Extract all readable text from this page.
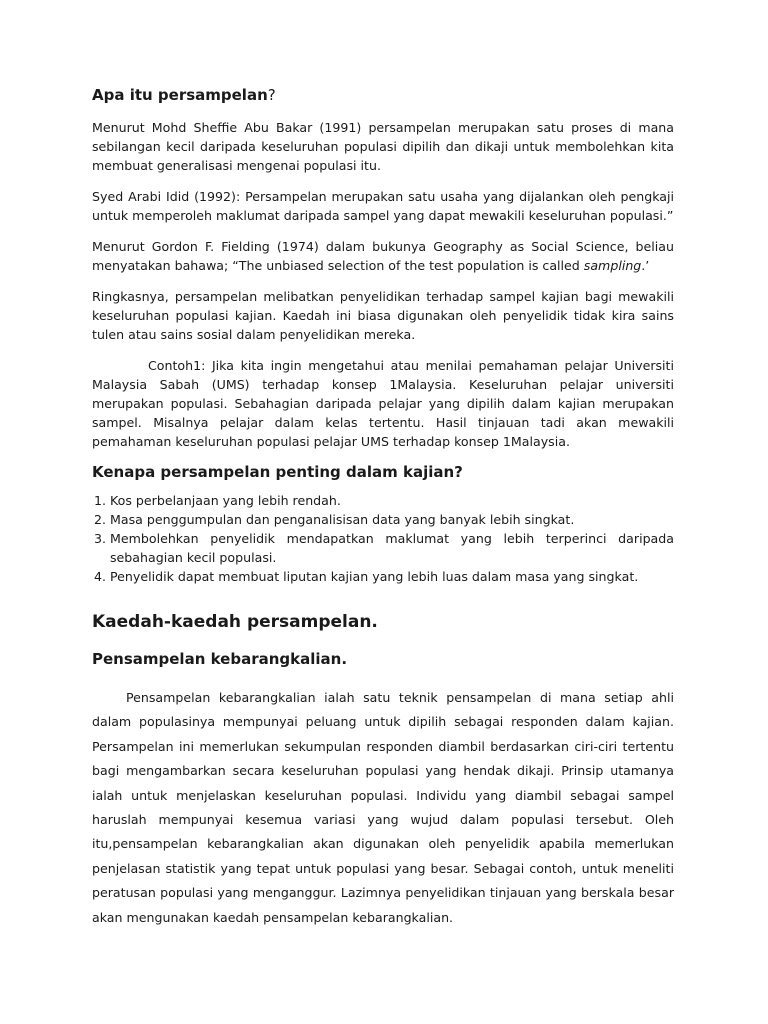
Apa itu persampelan?

Menurut Mohd Sheffie Abu Bakar (1991) persampelan merupakan satu proses di mana sebilangan kecil daripada keseluruhan populasi dipilih dan dikaji untuk membolehkan kita membuat generalisasi mengenai populasi itu.

Syed Arabi Idid (1992): Persampelan merupakan satu usaha yang dijalankan oleh pengkaji untuk memperoleh maklumat daripada sampel yang dapat mewakili keseluruhan populasi.”

Menurut Gordon F. Fielding (1974) dalam bukunya Geography as Social Science, beliau menyatakan bahawa; “The unbiased selection of the test population is called sampling.’

Ringkasnya, persampelan melibatkan penyelidikan terhadap sampel kajian bagi mewakili keseluruhan populasi kajian. Kaedah ini biasa digunakan oleh penyelidik tidak kira sains tulen atau sains sosial dalam penyelidikan mereka.

Contoh1: Jika kita ingin mengetahui atau menilai pemahaman pelajar Universiti Malaysia Sabah (UMS) terhadap konsep 1Malaysia. Keseluruhan pelajar universiti merupakan populasi. Sebahagian daripada pelajar yang dipilih dalam kajian merupakan sampel. Misalnya pelajar dalam kelas tertentu. Hasil tinjauan tadi akan mewakili pemahaman keseluruhan populasi pelajar UMS terhadap konsep 1Malaysia.

Kenapa persampelan penting dalam kajian?
1. Kos perbelanjaan yang lebih rendah.
2. Masa penggumpulan dan penganalisisan data yang banyak lebih singkat.
3. Membolehkan penyelidik mendapatkan maklumat yang lebih terperinci daripada sebahagian kecil populasi.
4. Penyelidik dapat membuat liputan kajian yang lebih luas dalam masa yang singkat.
Kaedah-kaedah persampelan.
Pensampelan kebarangkalian.

Pensampelan kebarangkalian ialah satu teknik pensampelan di mana setiap ahli dalam populasinya mempunyai peluang untuk dipilih sebagai responden dalam kajian. Persampelan ini memerlukan sekumpulan responden diambil berdasarkan ciri-ciri tertentu bagi mengambarkan secara keseluruhan populasi yang hendak dikaji. Prinsip utamanya ialah untuk menjelaskan keseluruhan populasi. Individu yang diambil sebagai sampel haruslah mempunyai kesemua variasi yang wujud dalam populasi tersebut. Oleh itu,pensampelan kebarangkalian akan digunakan oleh penyelidik apabila memerlukan penjelasan statistik yang tepat untuk populasi yang besar. Sebagai contoh, untuk meneliti peratusan populasi yang menganggur. Lazimnya penyelidikan tinjauan yang berskala besar akan mengunakan kaedah pensampelan kebarangkalian.
